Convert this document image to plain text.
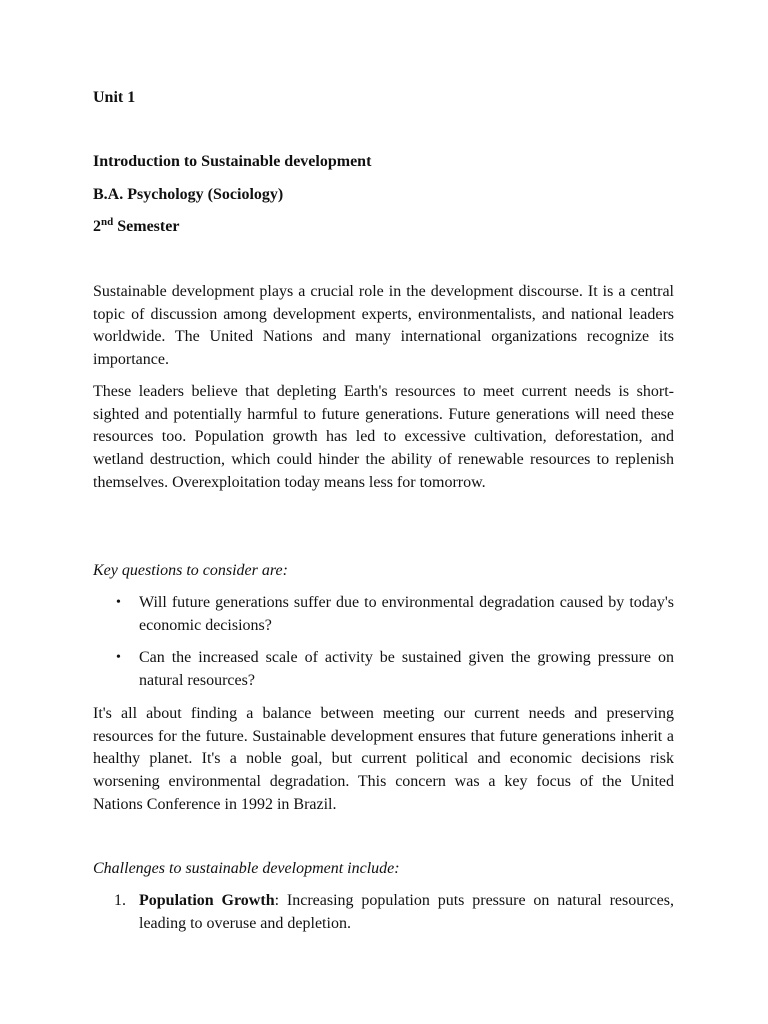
Unit 1
Introduction to Sustainable development
B.A. Psychology (Sociology)
2nd Semester

Sustainable development plays a crucial role in the development discourse. It is a central topic of discussion among development experts, environmentalists, and national leaders worldwide. The United Nations and many international organizations recognize its importance.

These leaders believe that depleting Earth's resources to meet current needs is short-sighted and potentially harmful to future generations. Future generations will need these resources too. Population growth has led to excessive cultivation, deforestation, and wetland destruction, which could hinder the ability of renewable resources to replenish themselves. Overexploitation today means less for tomorrow.

Key questions to consider are:
•	Will future generations suffer due to environmental degradation caused by today's economic decisions?
•	Can the increased scale of activity be sustained given the growing pressure on natural resources?

It's all about finding a balance between meeting our current needs and preserving resources for the future. Sustainable development ensures that future generations inherit a healthy planet. It's a noble goal, but current political and economic decisions risk worsening environmental degradation. This concern was a key focus of the United Nations Conference in 1992 in Brazil.

Challenges to sustainable development include:
1. Population Growth: Increasing population puts pressure on natural resources, leading to overuse and depletion.
